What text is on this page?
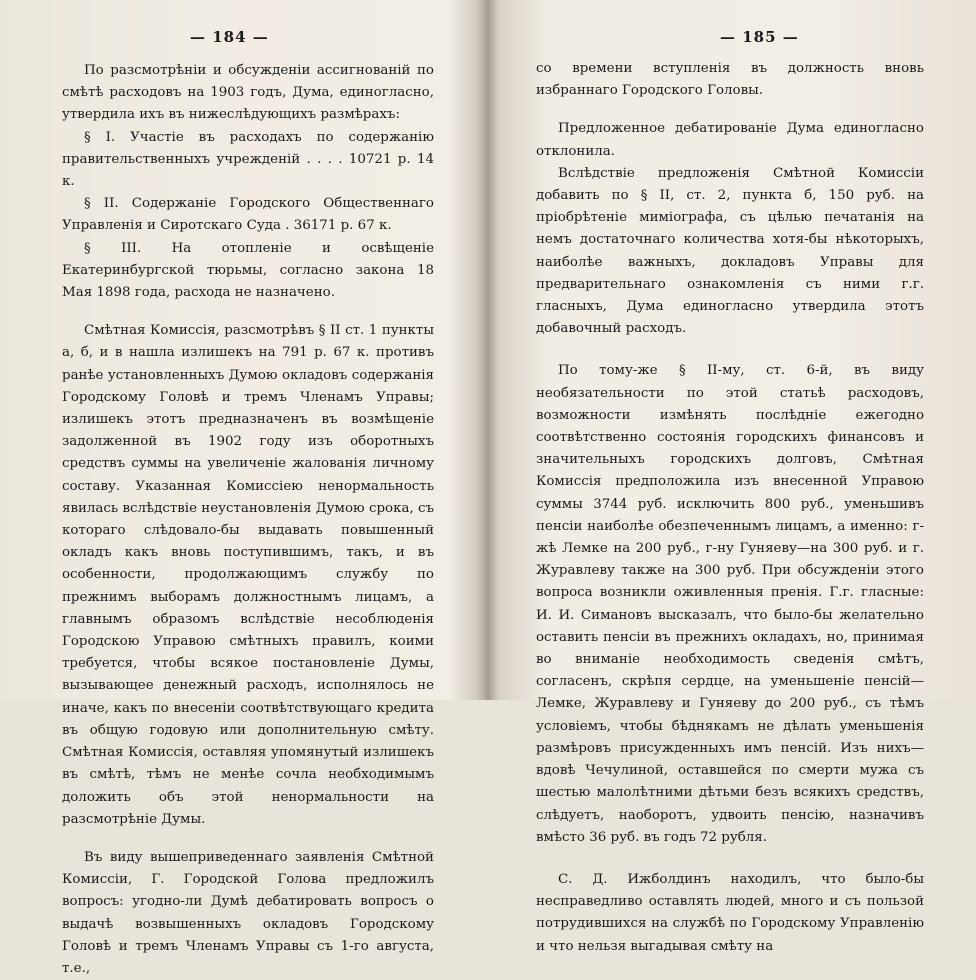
— 184 —

По разсмотрѣніи и обсужденіи ассигнованій по смѣтѣ расходовъ на 1903 годъ, Дума, единогласно, утвердила ихъ въ нижеслѣдующихъ размѣрахъ:

§ I. Участіе въ расходахъ по содержанію правительственныхъ учрежденій . . . . 10721 р. 14 к.

§ II. Содержаніе Городского Общественнаго Управленія и Сиротскаго Суда . 36171 р. 67 к.

§ III. На отопленіе и освѣщеніе Екатеринбургской тюрьмы, согласно закона 18 Мая 1898 года, расхода не назначено.

Смѣтная Комиссія, разсмотрѣвъ § II ст. 1 пункты а, б, и в нашла излишекъ на 791 р. 67 к. противъ ранѣе установленныхъ Думою окладовъ содержанія Городскому Головѣ и тремъ Членамъ Управы; излишекъ этотъ предназначенъ въ возмѣщеніе задолженной въ 1902 году изъ оборотныхъ средствъ суммы на увеличеніе жалованія личному составу. Указанная Комиссіею ненормальность явилась вслѣдствіе неустановленія Думою срока, съ котораго слѣдовало-бы выдавать повышенный окладъ какъ вновь поступившимъ, такъ, и въ особенности, продолжающимъ службу по прежнимъ выборамъ должностнымъ лицамъ, а главнымъ образомъ вслѣдствіе несоблюденія Городскою Управою смѣтныхъ правилъ, коими требуется, чтобы всякое постановленіе Думы, вызывающее денежный расходъ, исполнялось не иначе, какъ по внесеніи соотвѣтствующаго кредита въ общую годовую или дополнительную смѣту. Смѣтная Комиссія, оставляя упомянутый излишекъ въ смѣтѣ, тѣмъ не менѣе сочла необходимымъ доложить объ этой ненормальности на разсмотрѣніе Думы.

Въ виду вышеприведеннаго заявленія Смѣтной Комиссіи, Г. Городской Голова предложилъ вопросъ: угодно-ли Думѣ дебатировать вопросъ о выдачѣ возвышенныхъ окладовъ Городскому Головѣ и тремъ Членамъ Управы съ 1-го августа, т.е.,

— 185 —

со времени вступленія въ должность вновь избраннаго Городского Головы.

Предложенное дебатированіе Дума единогласно отклонила.

Вслѣдствіе предложенія Смѣтной Комиссіи добавить по § II, ст. 2, пункта б, 150 руб. на пріобрѣтеніе миміографа, съ цѣлью печатанія на немъ достаточнаго количества хотя-бы нѣкоторыхъ, наиболѣе важныхъ, докладовъ Управы для предварительнаго ознакомленія съ ними г.г. гласныхъ, Дума единогласно утвердила этотъ добавочный расходъ.

По тому-же § II-му, ст. 6-й, въ виду необязательности по этой статьѣ расходовъ, возможности измѣнять послѣдніе ежегодно соотвѣтственно состоянія городскихъ финансовъ и значительныхъ городскихъ долговъ, Смѣтная Комиссія предположила изъ внесенной Управою суммы 3744 руб. исключить 800 руб., уменьшивъ пенсіи наиболѣе обезпеченнымъ лицамъ, а именно: г-жѣ Лемке на 200 руб., г-ну Гуняеву—на 300 руб. и г. Журавлеву также на 300 руб. При обсужденіи этого вопроса возникли оживленныя пренія. Г.г. гласные: И. И. Симановъ высказалъ, что было-бы желательно оставить пенсіи въ прежнихъ окладахъ, но, принимая во вниманіе необходимость сведенія смѣтъ, согласенъ, скрѣпя сердце, на уменьшеніе пенсій—Лемке, Журавлеву и Гуняеву до 200 руб., съ тѣмъ условіемъ, чтобы бѣднякамъ не дѣлать уменьшенія размѣровъ присужденныхъ имъ пенсій. Изъ нихъ—вдовѣ Чечулиной, оставшейся по смерти мужа съ шестью малолѣтними дѣтьми безъ всякихъ средствъ, слѣдуетъ, наоборотъ, удвоить пенсію, назначивъ вмѣсто 36 руб. въ годъ 72 рубля.

С. Д. Ижболдинъ находилъ, что было-бы несправедливо оставлять людей, много и съ пользой потрудившихся на службѣ по Городскому Управленію и что нельзя выгадывая смѣту на
